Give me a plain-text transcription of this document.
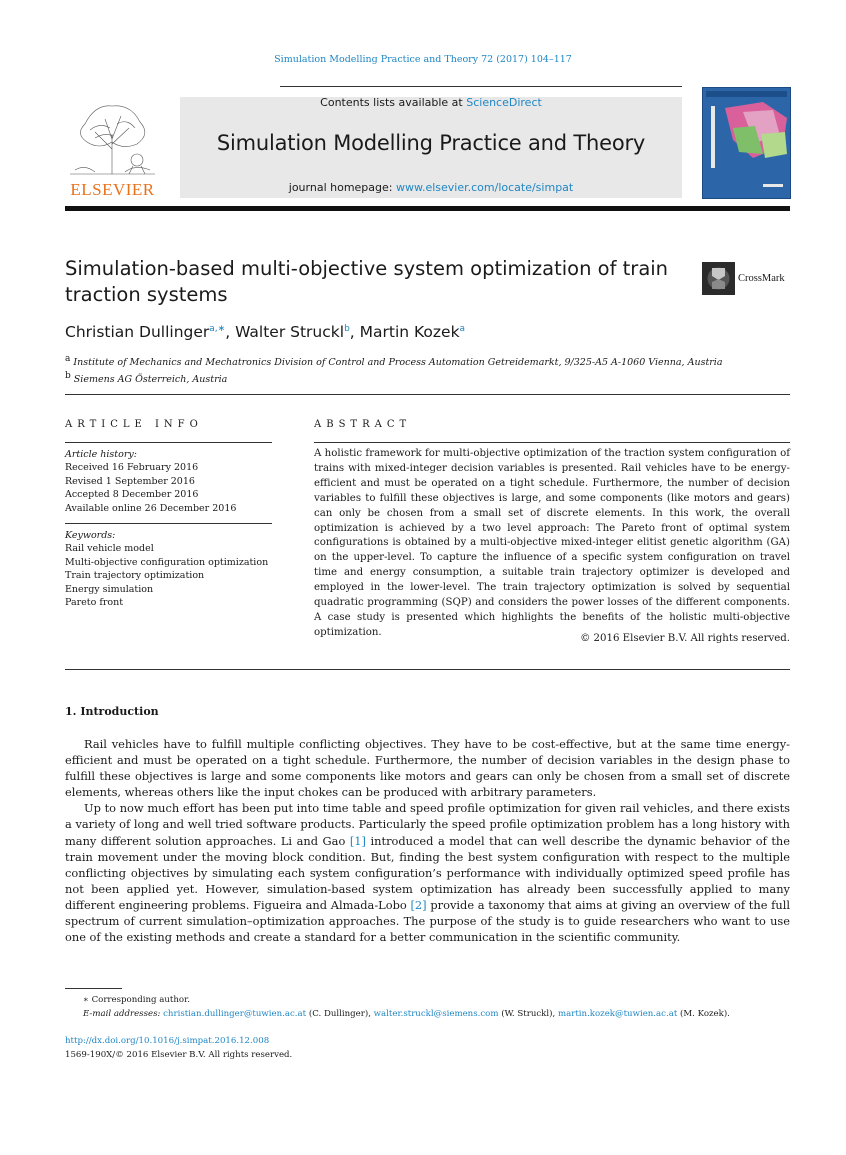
Simulation Modelling Practice and Theory 72 (2017) 104–117
ELSEVIER
Contents lists available at ScienceDirect
Simulation Modelling Practice and Theory
journal homepage: www.elsevier.com/locate/simpat
Simulation-based multi-objective system optimization of train traction systems
CrossMark
Christian Dullinger$^{a,∗}$, Walter Struckl$^b$, Martin Kozek$^a$
$^a$ Institute of Mechanics and Mechatronics Division of Control and Process Automation Getreidemarkt, 9/325-A5 A-1060 Vienna, Austria
$^b$ Siemens AG Österreich, Austria
ARTICLE INFO
Article history:
Received 16 February 2016
Revised 1 September 2016
Accepted 8 December 2016
Available online 26 December 2016
Keywords:
Rail vehicle model
Multi-objective configuration optimization
Train trajectory optimization
Energy simulation
Pareto front
ABSTRACT
A holistic framework for multi-objective optimization of the traction system configuration of trains with mixed-integer decision variables is presented. Rail vehicles have to be energy-efficient and must be operated on a tight schedule. Furthermore, the number of decision variables to fulfill these objectives is large, and some components (like motors and gears) can only be chosen from a small set of discrete elements. In this work, the overall optimization is achieved by a two level approach: The Pareto front of optimal system configurations is obtained by a multi-objective mixed-integer elitist genetic algorithm (GA) on the upper-level. To capture the influence of a specific system configuration on travel time and energy consumption, a suitable train trajectory optimizer is developed and employed in the lower-level. The train trajectory optimization is solved by sequential quadratic programming (SQP) and considers the power losses of the different components. A case study is presented which highlights the benefits of the holistic multi-objective optimization.
© 2016 Elsevier B.V. All rights reserved.
1. Introduction

Rail vehicles have to fulfill multiple conflicting objectives. They have to be cost-effective, but at the same time energy-efficient and must be operated on a tight schedule. Furthermore, the number of decision variables in the design phase to fulfill these objectives is large and some components like motors and gears can only be chosen from a small set of discrete elements, whereas others like the input chokes can be produced with arbitrary parameters.

Up to now much effort has been put into time table and speed profile optimization for given rail vehicles, and there exists a variety of long and well tried software products. Particularly the speed profile optimization problem has a long history with many different solution approaches. Li and Gao [1] introduced a model that can well describe the dynamic behavior of the train movement under the moving block condition. But, finding the best system configuration with respect to the multiple conflicting objectives by simulating each system configuration’s performance with individually optimized speed profile has not been applied yet. However, simulation-based system optimization has already been successfully applied to many different engineering problems. Figueira and Almada-Lobo [2] provide a taxonomy that aims at giving an overview of the full spectrum of current simulation–optimization approaches. The purpose of the study is to guide researchers who want to use one of the existing methods and create a standard for a better communication in the scientific community.

∗ Corresponding author.
E-mail addresses: christian.dullinger@tuwien.ac.at (C. Dullinger), walter.struckl@siemens.com (W. Struckl), martin.kozek@tuwien.ac.at (M. Kozek).
http://dx.doi.org/10.1016/j.simpat.2016.12.008
1569-190X/© 2016 Elsevier B.V. All rights reserved.
